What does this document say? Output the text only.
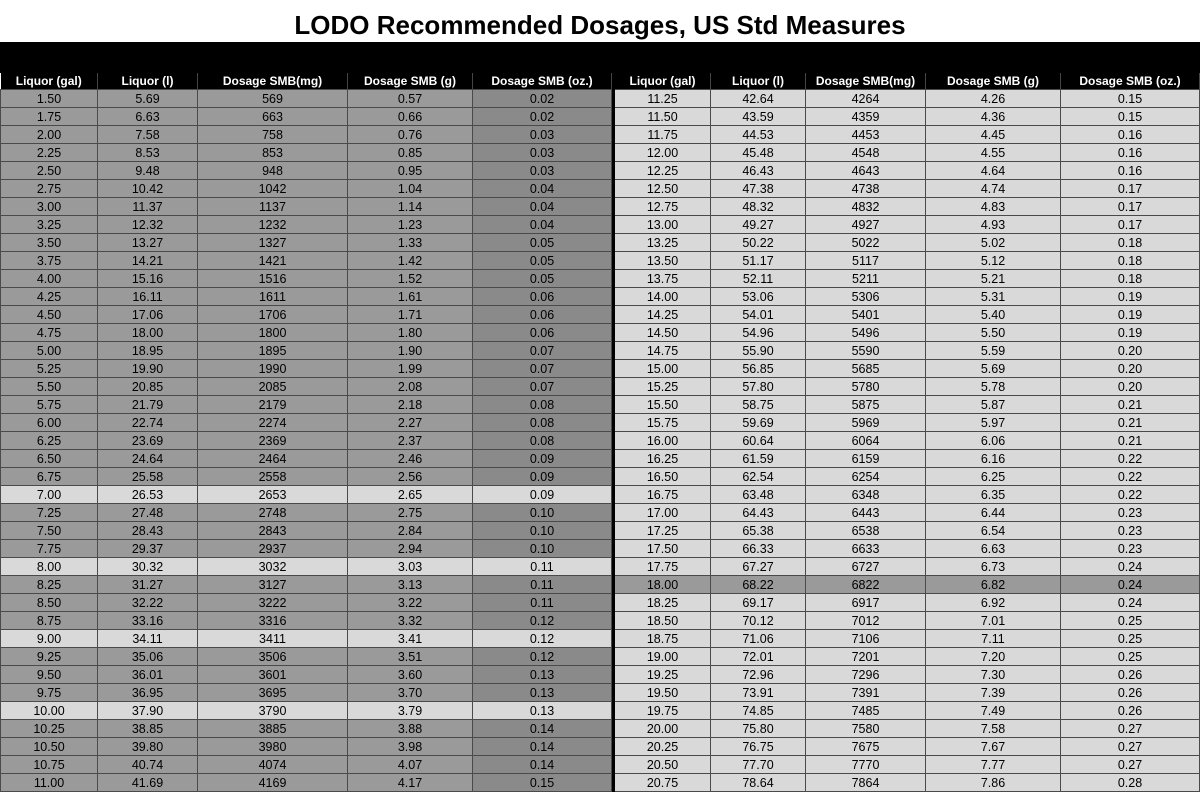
LODO Recommended Dosages, US Std Measures
Liquor (gal)	Liquor (l)	Dosage SMB(mg)	Dosage SMB (g)	Dosage SMB (oz.)
1.50	5.69	569	0.57	0.02
1.75	6.63	663	0.66	0.02
2.00	7.58	758	0.76	0.03
2.25	8.53	853	0.85	0.03
2.50	9.48	948	0.95	0.03
2.75	10.42	1042	1.04	0.04
3.00	11.37	1137	1.14	0.04
3.25	12.32	1232	1.23	0.04
3.50	13.27	1327	1.33	0.05
3.75	14.21	1421	1.42	0.05
4.00	15.16	1516	1.52	0.05
4.25	16.11	1611	1.61	0.06
4.50	17.06	1706	1.71	0.06
4.75	18.00	1800	1.80	0.06
5.00	18.95	1895	1.90	0.07
5.25	19.90	1990	1.99	0.07
5.50	20.85	2085	2.08	0.07
5.75	21.79	2179	2.18	0.08
6.00	22.74	2274	2.27	0.08
6.25	23.69	2369	2.37	0.08
6.50	24.64	2464	2.46	0.09
6.75	25.58	2558	2.56	0.09
7.00	26.53	2653	2.65	0.09
7.25	27.48	2748	2.75	0.10
7.50	28.43	2843	2.84	0.10
7.75	29.37	2937	2.94	0.10
8.00	30.32	3032	3.03	0.11
8.25	31.27	3127	3.13	0.11
8.50	32.22	3222	3.22	0.11
8.75	33.16	3316	3.32	0.12
9.00	34.11	3411	3.41	0.12
9.25	35.06	3506	3.51	0.12
9.50	36.01	3601	3.60	0.13
9.75	36.95	3695	3.70	0.13
10.00	37.90	3790	3.79	0.13
10.25	38.85	3885	3.88	0.14
10.50	39.80	3980	3.98	0.14
10.75	40.74	4074	4.07	0.14
11.00	41.69	4169	4.17	0.15
Liquor (gal)	Liquor (l)	Dosage SMB(mg)	Dosage SMB (g)	Dosage SMB (oz.)
11.25	42.64	4264	4.26	0.15
11.50	43.59	4359	4.36	0.15
11.75	44.53	4453	4.45	0.16
12.00	45.48	4548	4.55	0.16
12.25	46.43	4643	4.64	0.16
12.50	47.38	4738	4.74	0.17
12.75	48.32	4832	4.83	0.17
13.00	49.27	4927	4.93	0.17
13.25	50.22	5022	5.02	0.18
13.50	51.17	5117	5.12	0.18
13.75	52.11	5211	5.21	0.18
14.00	53.06	5306	5.31	0.19
14.25	54.01	5401	5.40	0.19
14.50	54.96	5496	5.50	0.19
14.75	55.90	5590	5.59	0.20
15.00	56.85	5685	5.69	0.20
15.25	57.80	5780	5.78	0.20
15.50	58.75	5875	5.87	0.21
15.75	59.69	5969	5.97	0.21
16.00	60.64	6064	6.06	0.21
16.25	61.59	6159	6.16	0.22
16.50	62.54	6254	6.25	0.22
16.75	63.48	6348	6.35	0.22
17.00	64.43	6443	6.44	0.23
17.25	65.38	6538	6.54	0.23
17.50	66.33	6633	6.63	0.23
17.75	67.27	6727	6.73	0.24
18.00	68.22	6822	6.82	0.24
18.25	69.17	6917	6.92	0.24
18.50	70.12	7012	7.01	0.25
18.75	71.06	7106	7.11	0.25
19.00	72.01	7201	7.20	0.25
19.25	72.96	7296	7.30	0.26
19.50	73.91	7391	7.39	0.26
19.75	74.85	7485	7.49	0.26
20.00	75.80	7580	7.58	0.27
20.25	76.75	7675	7.67	0.27
20.50	77.70	7770	7.77	0.27
20.75	78.64	7864	7.86	0.28
